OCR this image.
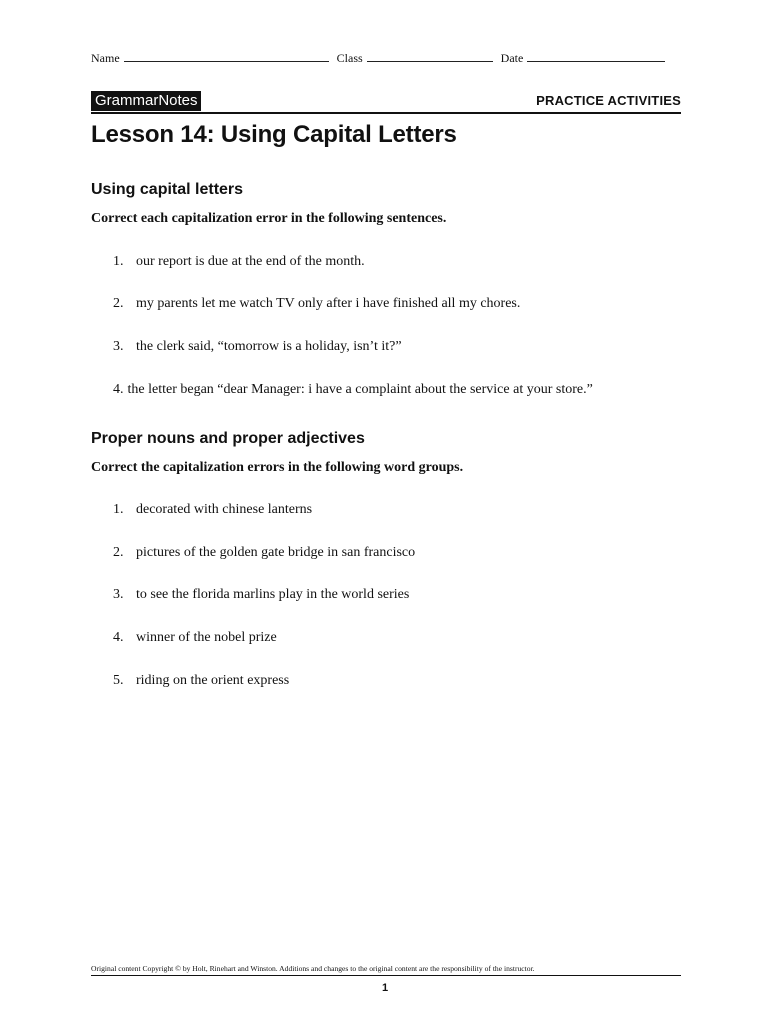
Name	Class	Date
GrammarNotes	PRACTICE ACTIVITIES
Lesson 14: Using Capital Letters
Using capital letters

Correct each capitalization error in the following sentences.

1. our report is due at the end of the month.

2. my parents let me watch TV only after i have finished all my chores.

3. the clerk said, “tomorrow is a holiday, isn’t it?”

4. the letter began “dear Manager: i have a complaint about the service at your store.”

Proper nouns and proper adjectives

Correct the capitalization errors in the following word groups.

1. decorated with chinese lanterns

2. pictures of the golden gate bridge in san francisco

3. to see the florida marlins play in the world series

4. winner of the nobel prize

5. riding on the orient express

Original content Copyright © by Holt, Rinehart and Winston. Additions and changes to the original content are the responsibility of the instructor.
1
